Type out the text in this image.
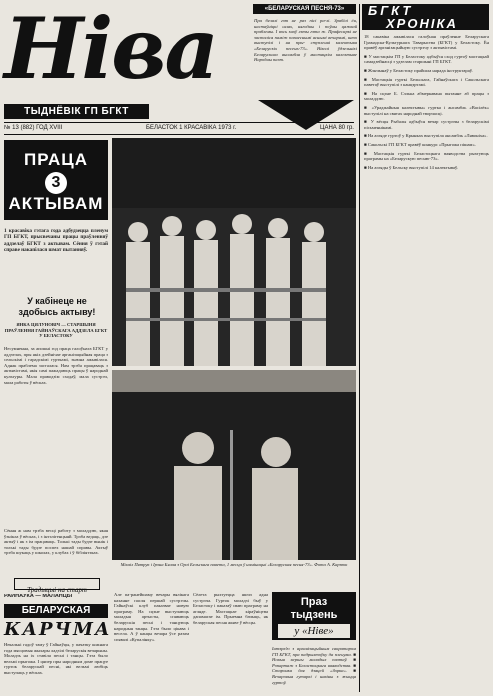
Ніва
ТЫДНЁВІК ГП БГКТ
№ 13 (882) ГОД XVIII	БЕЛАСТОК 1 КРАСАВІКА 1973 г.	ЦАНА 80 гр.
«БЕЛАРУСКАЯ ПЕСНЯ-73»
Пра белалі гэт не раз пісі ра-лі. Зрабілі ён, настаўніцкі шлях, нягодны і поўны цяжкай праблемы. І вось зноў гэты гэта ж. Прафесаркі не засталіся паміж пазнеснымі яснымі вечарамі, што выступілі і на пры- ступленні калектыва «Беларускіх песень-73». Ніколі ўдзельнікі Беларускага ансамбля ў мастацкім калектыве Народны паэт.
БГКТ
ХРОНІКА
18 сакавіка ажывілася галоўная праўленне Беларускага Грамадска-Культурнага Таварыства (БГКТ) у Беластоку. Ён правёў арганізацыйную сустрэчу з актывістамі.
■ У мастацкім ГП у Беластоку адбыўся сход гуртоў мастацкай самадзейнасці з удзелам старшыні ГП БГКТ.
■ Жэнчынаў у Беластоку прайшла нарада інструктараў.
■ Мастацкія гурткі Бельскага, Гайнаўскага і Сакольскага паветаў выступілі з канцэртамі.
■ На сцэне Б. Сэлька абмеркавана пытанне аб працы з моладдзю.
■ «Ураджайныя калектывы» гуртка і ансамбль «Васілёк» выступілі на святах народнай творчасці.
■ У вёсцы Рыбалы адбыўся вечар сустрэчы з беларускімі пісьменнікамі.
■ На агляде гуртоў у Крынках выступіла ансамбль «Лявоніха».
■ Сакольскі ГП БГКТ правёў конкурс «Прыгожа пішам».
■ Мастацкія гурткі Беластоцкага ваяводства рыхтуюць праграмы на «Беларускую песню-73».
■ На агляды ў Бельску выступілі 14 калектываў.
ПРАЦА
3
АКТЫВАМ
1 красавіка гэтага года адбудзецца пленум ГП БГКТ, прысвечаны працы праўленняў аддзелаў БГКТ з актывам. Сёння ў гэтай справе накапілася шмат пытанняў.
У кабінеце не здобысь актыву!
ЯНКА ЦЯЛУНОВІЧ — СТАРШЫНЯ ПРАЎЛЕННЯ ГАЙНАЎСКАГА АДДЗЕЛА БГКТ У БЕЛАСТОКУ
Несумненна, за апошні год праца галоўнага БГКТ у аддзелах, пры якіх дзейнічае арганізацыйная праца з сельскімі і гарадскімі гурткамі, значна ажывілася. Аднак праблема засталася. Нам трэба працаваць з актывістамі, якія самі пажадаюць працы ў народнай культуры. Мала праводзім сходаў, мала сустрэч, мала работы ў вёсках.
Сёння ж нам трэба весці работу з моладдзю, якая ўзнікла ў вёсках, і з інтэлігенцыяй. Трэба ведаць, дзе актыў і як з ім працаваць. Толькі тады будзе вынік і толькі тады будзе поспех нашай справы. Актыў трэба шукаць у школах, у клубах і ў бібліятэках.
Традыцыі на старт
Міхаіл Пятрук і Ірэна Бялая з Орлі Бельскага павета, 1 месца ў намінацыі «Беларуская песня-73». Фота А. Карпюк
РАЙНАЎКА — МАЛАНЦЫ
БЕЛАРУСКАЯ
КАРЧМА
Некалькі гадоў таму ў Гайнаўцы, у пачатку кожнага года мясцовыя жыхары ладзілі беларускія вечарыны. Моладзь на іх ставіла песні і танцы. Гэта было вельмі прыгожа. І цяпер пры народным доме працуе гурток беларускай песні, які вельмі любіць выступаць у вёсках.
Але па-ранейшаму вечары вялікага каханне пасля першай сустрэчы. Гайнаўскі клуб паказвае новую праграму. На сцэне выступаюць маладыя артысты, спяваюць беларускія песні і танцуюць народныя танцы. Гэта было цікава і весела. А ў канцы вечара ўсе разам спявалі «Купалінку».
Сёлета рыхтуецца яшчэ адна сустрэча. Гурток моладзі быў у Беластоку і паказаў сваю праграму на агляде. Мастацкае кіраўніцтва дапамагае ім. Прыемна бачыць, як беларуская песня жыве ў вёсцы.
Праз
тыдзень
у «Ніве»
Інтэрв'ю з арганізацыйным сакратаром ГП БГКТ, пра падрыхтоўку да пленума. ■ Новыя вершы маладых паэтаў. ■ Рэпартаж з Беластоцкага ваяводства. ■ Старонка для дзяцей «Зорка». ■ Вечаровыя гутаркі і навіны з жыцця гуртоў.
